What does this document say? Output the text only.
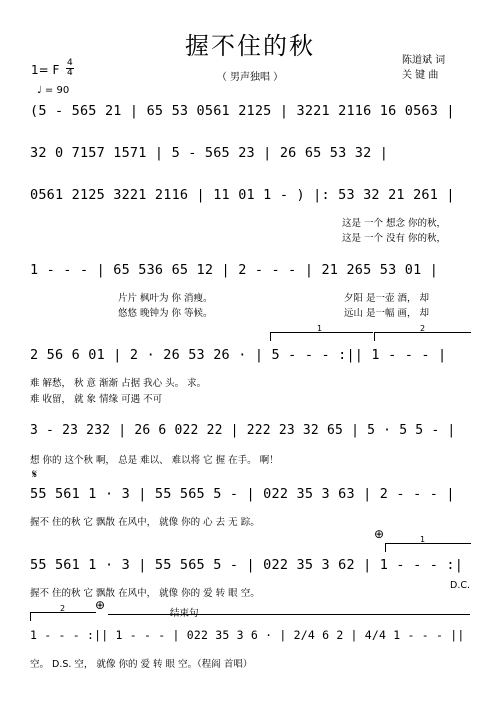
握不住的秋
（ 男声独唱 ）
陈道斌 词
关 键 曲
1= F $\frac{4}{4}$
♩ = 90
(5 - 565 21 | 65 53 0561 2125 | 3221 2116 16 0563 |
32 0 7157 1571 | 5 - 565 23 | 26 65 53 32 |
0561 2125 3221 2116 | 11 01 1 - ) |: 53 32 21 261 |
这是 一个 想念 你的秋，
这是 一个 没有 你的秋，
1 - - - | 65 536 65 12 | 2 - - - | 21 265 53 01 |
片片 枫叶为 你 消瘦。
悠悠 晚钟为 你 等候。
夕阳 是一壶 酒， 却
远山 是一幅 画， 却
1	2
2 56 6 01 | 2 · 26 53 26 · | 5 - - - :|| 1 - - - |
难 解愁， 秋 意 渐渐 占据 我心 头。 求。
难 收留， 就 象 情缘 可遇 不可
3 - 23 232 | 26 6 022 22 | 222 23 32 65 | 5 · 5 5 - |
想 你的 这个秋 啊， 总是 难以、 难以将 它 握 在手。 啊！
𝄋
55 561 1 · 3 | 55 565 5 - | 022 35 3 63 | 2 - - - |
握不 住的秋 它 飘散 在风中， 就像 你的 心 去 无 踪。
⊕	1
55 561 1 · 3 | 55 565 5 - | 022 35 3 62 | 1 - - - :|
握不 住的秋 它 飘散 在风中， 就像 你的 爱 转 眼 空。
D.C.
2 ⊕
结束句
1 - - - :|| 1 - - - | 022 35 3 6 · | 2/4 6 2 | 4/4 1 - - - ||
空。 D.S. 空， 就像 你的 爱 转 眼 空。（程阎 首唱）
